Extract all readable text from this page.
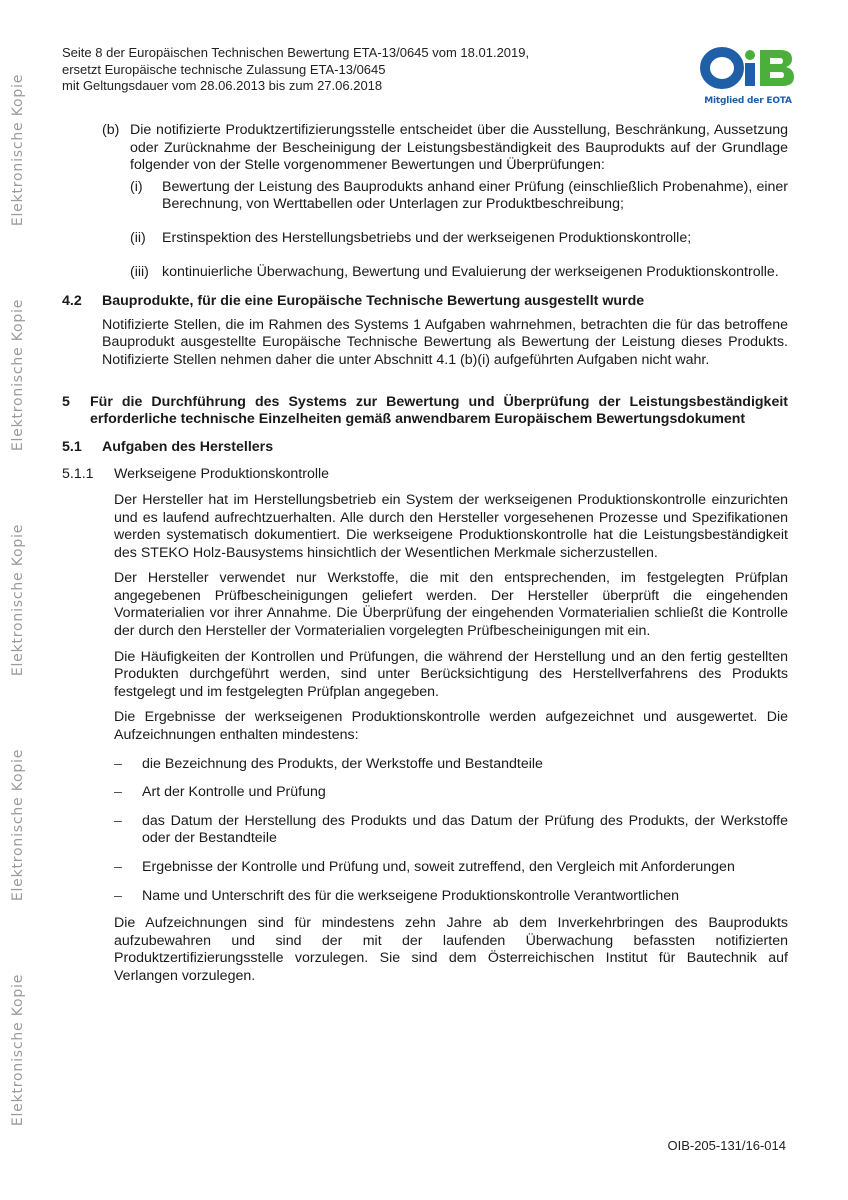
Elektronische Kopie
Elektronische Kopie
Elektronische Kopie
Elektronische Kopie
Elektronische Kopie
Seite 8 der Europäischen Technischen Bewertung ETA-13/0645 vom 18.01.2019,
ersetzt Europäische technische Zulassung ETA-13/0645
mit Geltungsdauer vom 28.06.2013 bis zum 27.06.2018
Mitglied der EOTA
(b) Die notifizierte Produktzertifizierungsstelle entscheidet über die Ausstellung, Beschränkung, Aussetzung oder Zurücknahme der Bescheinigung der Leistungsbeständigkeit des Bauprodukts auf der Grundlage folgender von der Stelle vorgenommener Bewertungen und Überprüfungen:
(i)	Bewertung der Leistung des Bauprodukts anhand einer Prüfung (einschließlich Probenahme), einer Berechnung, von Werttabellen oder Unterlagen zur Produktbeschreibung;
(ii)	Erstinspektion des Herstellungsbetriebs und der werkseigenen Produktionskontrolle;
(iii) kontinuierliche Überwachung, Bewertung und Evaluierung der werkseigenen Produktionskontrolle.
4.2	Bauprodukte, für die eine Europäische Technische Bewertung ausgestellt wurde
Notifizierte Stellen, die im Rahmen des Systems 1 Aufgaben wahrnehmen, betrachten die für das betroffene Bauprodukt ausgestellte Europäische Technische Bewertung als Bewertung der Leistung dieses Produkts. Notifizierte Stellen nehmen daher die unter Abschnitt 4.1 (b)(i) aufgeführten Aufgaben nicht wahr.
5	Für die Durchführung des Systems zur Bewertung und Überprüfung der Leistungsbeständigkeit erforderliche technische Einzelheiten gemäß anwendbarem Europäischem Bewertungsdokument
5.1	Aufgaben des Herstellers
5.1.1	Werkseigene Produktionskontrolle
Der Hersteller hat im Herstellungsbetrieb ein System der werkseigenen Produktionskontrolle einzurichten und es laufend aufrechtzuerhalten. Alle durch den Hersteller vorgesehenen Prozesse und Spezifikationen werden systematisch dokumentiert. Die werkseigene Produktionskontrolle hat die Leistungsbeständigkeit des STEKO Holz-Bausystems hinsichtlich der Wesentlichen Merkmale sicherzustellen.
Der Hersteller verwendet nur Werkstoffe, die mit den entsprechenden, im festgelegten Prüfplan angegebenen Prüfbescheinigungen geliefert werden. Der Hersteller überprüft die eingehenden Vormaterialien vor ihrer Annahme. Die Überprüfung der eingehenden Vormaterialien schließt die Kontrolle der durch den Hersteller der Vormaterialien vorgelegten Prüfbescheinigungen mit ein.
Die Häufigkeiten der Kontrollen und Prüfungen, die während der Herstellung und an den fertig gestellten Produkten durchgeführt werden, sind unter Berücksichtigung des Herstellverfahrens des Produkts festgelegt und im festgelegten Prüfplan angegeben.
Die Ergebnisse der werkseigenen Produktionskontrolle werden aufgezeichnet und ausgewertet. Die Aufzeichnungen enthalten mindestens:
–	die Bezeichnung des Produkts, der Werkstoffe und Bestandteile
–	Art der Kontrolle und Prüfung
–	das Datum der Herstellung des Produkts und das Datum der Prüfung des Produkts, der Werkstoffe oder der Bestandteile
–	Ergebnisse der Kontrolle und Prüfung und, soweit zutreffend, den Vergleich mit Anforderungen
–	Name und Unterschrift des für die werkseigene Produktionskontrolle Verantwortlichen
Die Aufzeichnungen sind für mindestens zehn Jahre ab dem Inverkehrbringen des Bauprodukts aufzubewahren und sind der mit der laufenden Überwachung befassten notifizierten Produktzertifizierungsstelle vorzulegen. Sie sind dem Österreichischen Institut für Bautechnik auf Verlangen vorzulegen.
OIB-205-131/16-014
